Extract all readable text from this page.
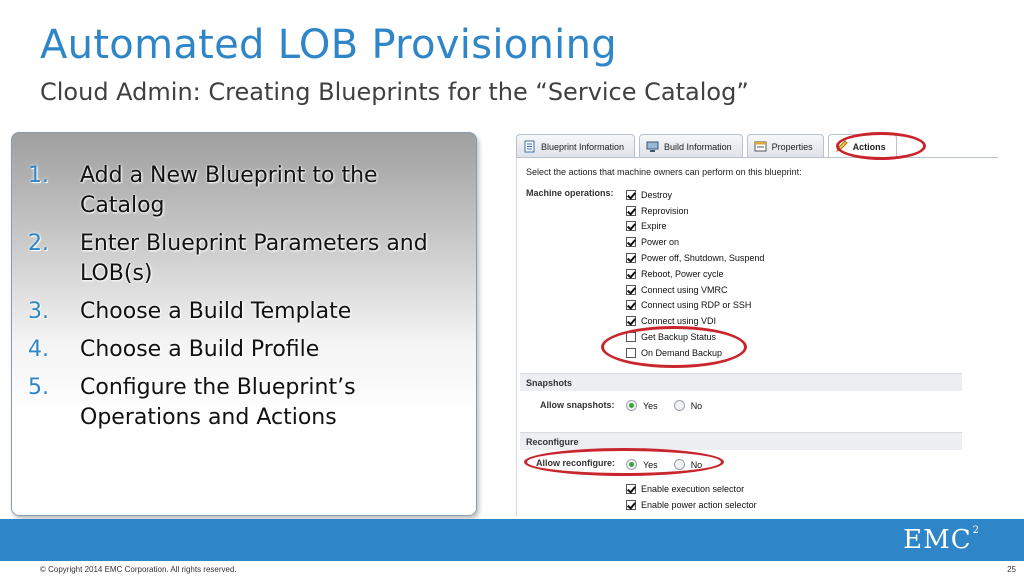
Automated LOB Provisioning
Cloud Admin: Creating Blueprints for the “Service Catalog”
1.	Add a New Blueprint to the Catalog
2.	Enter Blueprint Parameters and LOB(s)
3.	Choose a Build Template
4.	Choose a Build Profile
5.	Configure the Blueprint’s Operations and Actions
Blueprint Information	Build Information	Properties	Actions
Select the actions that machine owners can perform on this blueprint:
Machine operations:	Destroy
Reprovision
Expire
Power on
Power off, Shutdown, Suspend
Reboot, Power cycle
Connect using VMRC
Connect using RDP or SSH
Connect using VDI
Get Backup Status
On Demand Backup
Snapshots
Allow snapshots:	Yes	No
Reconfigure
Allow reconfigure:	Yes	No
Enable execution selector
Enable power action selector
EMC$^2$
© Copyright 2014 EMC Corporation. All rights reserved.	25
